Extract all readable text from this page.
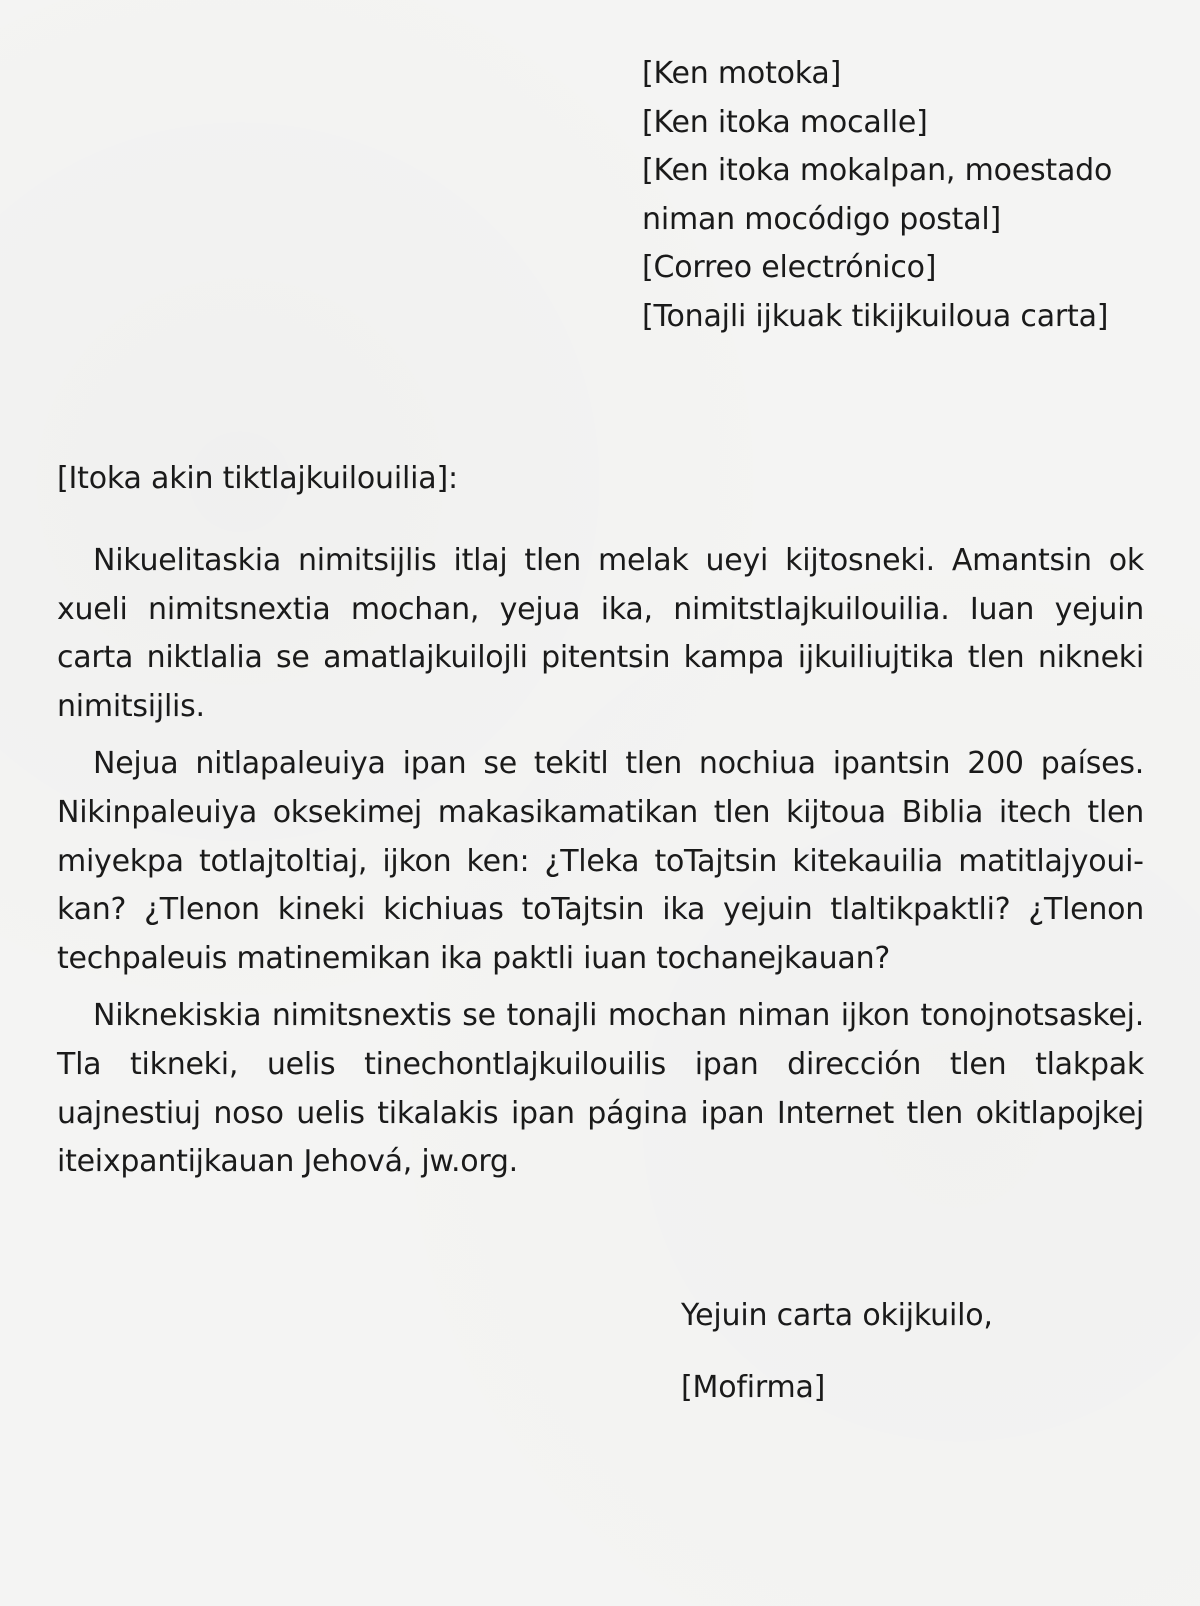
[Ken motoka]
[Ken itoka mocalle]
[Ken itoka mokalpan, moestado niman mocódigo postal]
[Correo electrónico]
[Tonajli ijkuak tikijkuiloua carta]
[Itoka akin tiktlajkuilouilia]:

Nikuelitaskia nimitsijlis itlaj tlen melak ueyi kijtosneki. Amantsin ok xueli nimitsnextia mochan, yejua ika, nimitstlajkuilouilia. Iuan yejuin carta niktlalia se amatlajkuilojli pitentsin kampa ijkuiliujtika tlen nikneki nimitsijlis.

Nejua nitlapaleuiya ipan se tekitl tlen nochiua ipantsin 200 países. Nikinpaleuiya oksekimej makasikamatikan tlen kijtoua Biblia itech tlen miyekpa totlajtoltiaj, ijkon ken: ¿Tleka toTajtsin kitekauilia matitlajyouikan? ¿Tlenon kineki kichiuas toTajtsin ika yejuin tlaltikpaktli? ¿Tlenon techpaleuis matinemikan ika paktli iuan tochanejkauan?

Niknekiskia nimitsnextis se tonajli mochan niman ijkon tonojnotsaskej. Tla tikneki, uelis tinechontlajkuilouilis ipan dirección tlen tlakpak uajnestiuj noso uelis tikalakis ipan página ipan Internet tlen okitlapojkej iteixpantijkauan Jehová, jw.org.

Yejuin carta okijkuilo,
[Mofirma]
